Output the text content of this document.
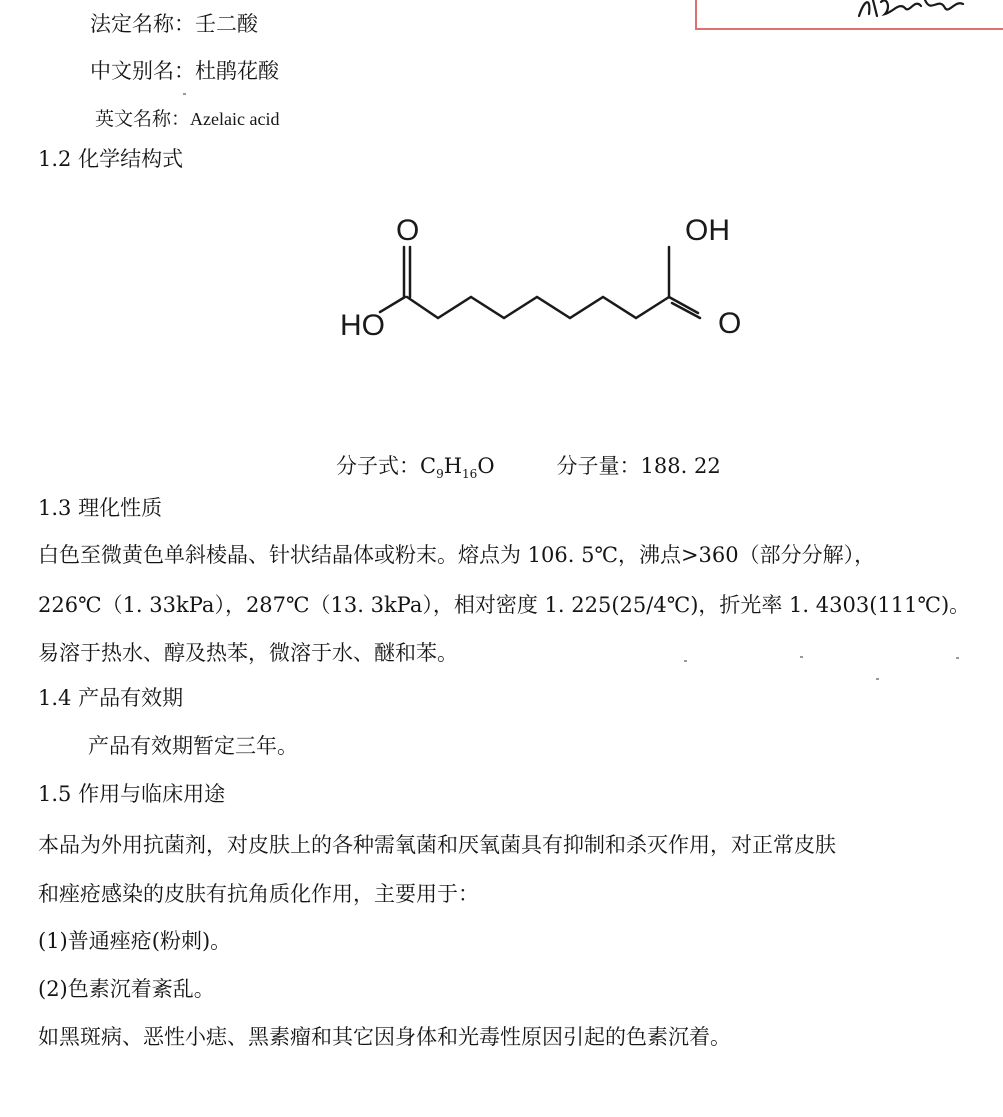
法定名称：壬二酸
中文别名：杜鹃花酸
英文名称：Azelaic acid
1.2 化学结构式
O
HO
OH
O
分子式：$C_9H_{16}O$	分子量：188. 22
1.3 理化性质
白色至微黄色单斜棱晶、针状结晶体或粉末。熔点为 106. 5℃，沸点>360（部分分解），
226℃（1. 33kPa），287℃（13. 3kPa），相对密度 1. 225(25/4℃)，折光率 1. 4303(111℃)。
易溶于热水、醇及热苯，微溶于水、醚和苯。
1.4 产品有效期
产品有效期暂定三年。
1.5 作用与临床用途
本品为外用抗菌剂，对皮肤上的各种需氧菌和厌氧菌具有抑制和杀灭作用，对正常皮肤
和痤疮感染的皮肤有抗角质化作用，主要用于：
(1)普通痤疮(粉刺)。
(2)色素沉着紊乱。
如黑斑病、恶性小痣、黑素瘤和其它因身体和光毒性原因引起的色素沉着。
